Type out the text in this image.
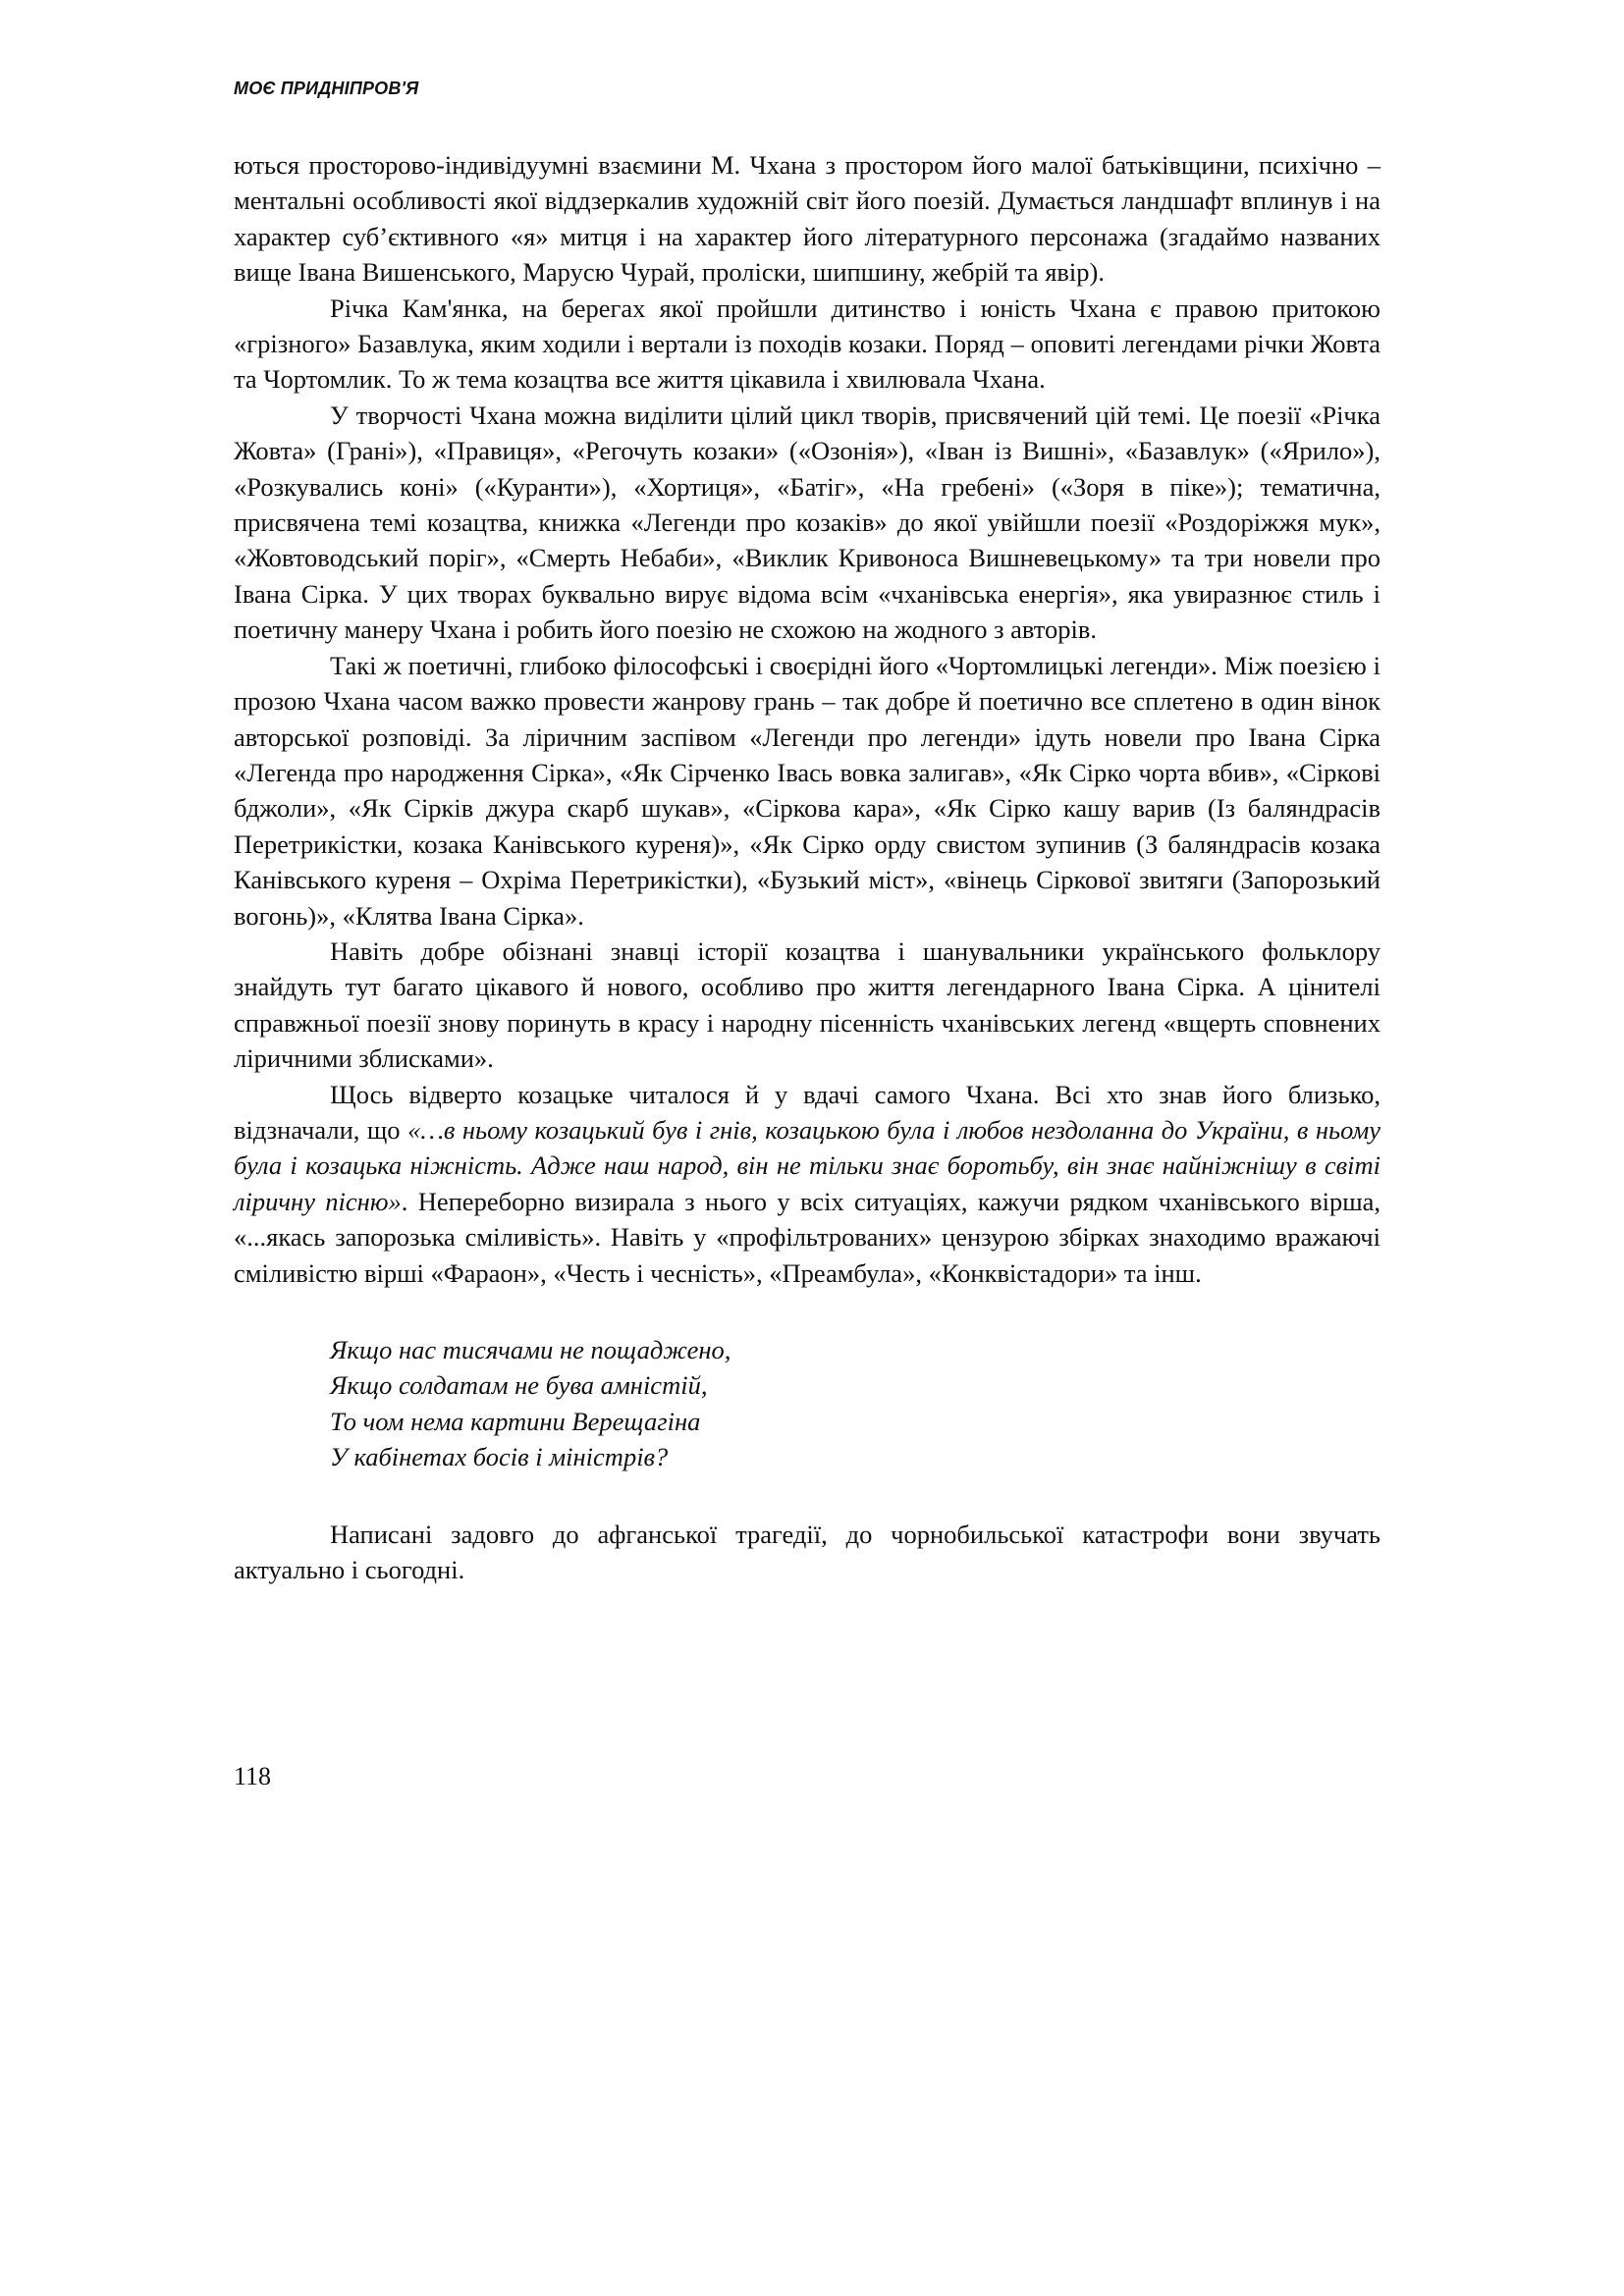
МОЄ ПРИДНІПРОВ'Я

ються просторово-індивідуумні взаємини М. Чхана з простором його малої батьківщини, психічно – ментальні особливості якої віддзеркалив художній світ його поезій. Думається ландшафт вплинув і на характер суб’єктивного «я» митця і на характер його літературного персонажа (згадаймо названих вище Івана Вишенського, Марусю Чурай, проліски, шипшину, жебрій та явір).

Річка Кам'янка, на берегах якої пройшли дитинство і юність Чхана є правою притокою «грізного» Базавлука, яким ходили і вертали із походів козаки. Поряд – оповиті легендами річки Жовта та Чортомлик. То ж тема козацтва все життя цікавила і хвилювала Чхана.

У творчості Чхана можна виділити цілий цикл творів, присвячений цій темі. Це поезії «Річка Жовта» (Грані»), «Правиця», «Регочуть козаки» («Озонія»), «Іван із Вишні», «Базавлук» («Ярило»), «Розкувались коні» («Куранти»), «Хортиця», «Батіг», «На гребені» («Зоря в піке»); тематична, присвячена темі козацтва, книжка «Легенди про козаків» до якої увійшли поезії «Роздоріжжя мук», «Жовтоводський поріг», «Смерть Небаби», «Виклик Кривоноса Вишневецькому» та три новели про Івана Сірка. У цих творах буквально вирує відома всім «чханівська енергія», яка увиразнює стиль і поетичну манеру Чхана і робить його поезію не схожою на жодного з авторів.

Такі ж поетичні, глибоко філософські і своєрідні його «Чортомлицькі легенди». Між поезією і прозою Чхана часом важко провести жанрову грань – так добре й поетично все сплетено в один вінок авторської розповіді. За ліричним заспівом «Легенди про легенди» ідуть новели про Івана Сірка «Легенда про народження Сірка», «Як Сірченко Івась вовка залигав», «Як Сірко чорта вбив», «Сіркові бджоли», «Як Сірків джура скарб шукав», «Сіркова кара», «Як Сірко кашу варив (Із баляндрасів Перетрикістки, козака Канівського куреня)», «Як Сірко орду свистом зупинив (З баляндрасів козака Канівського куреня – Охріма Перетрикістки), «Бузький міст», «вінець Сіркової звитяги (Запорозький вогонь)», «Клятва Івана Сірка».

Навіть добре обізнані знавці історії козацтва і шанувальники українського фольклору знайдуть тут багато цікавого й нового, особливо про життя легендарного Івана Сірка. А цінителі справжньої поезії знову поринуть в красу і народну пісенність чханівських легенд «вщерть сповнених ліричними зблисками».

Щось відверто козацьке читалося й у вдачі самого Чхана. Всі хто знав його близько, відзначали, що «…в ньому козацький був і гнів, козацькою була і любов нездоланна до України, в ньому була і козацька ніжність. Адже наш народ, він не тільки знає боротьбу, він знає найніжнішу в світі ліричну пісню». Непереборно визирала з нього у всіх ситуаціях, кажучи рядком чханівського вірша, «...якась запорозька сміливість». Навіть у «профільтрованих» цензурою збірках знаходимо вражаючі сміливістю вірші «Фараон», «Честь і чесність», «Преамбула», «Конквістадори» та інш.

Якщо нас тисячами не пощаджено,
Якщо солдатам не бува амністій,
То чом нема картини Верещагіна
У кабінетах босів і міністрів?

Написані задовго до афганської трагедії, до чорнобильської катастрофи вони звучать актуально і сьогодні.

118
